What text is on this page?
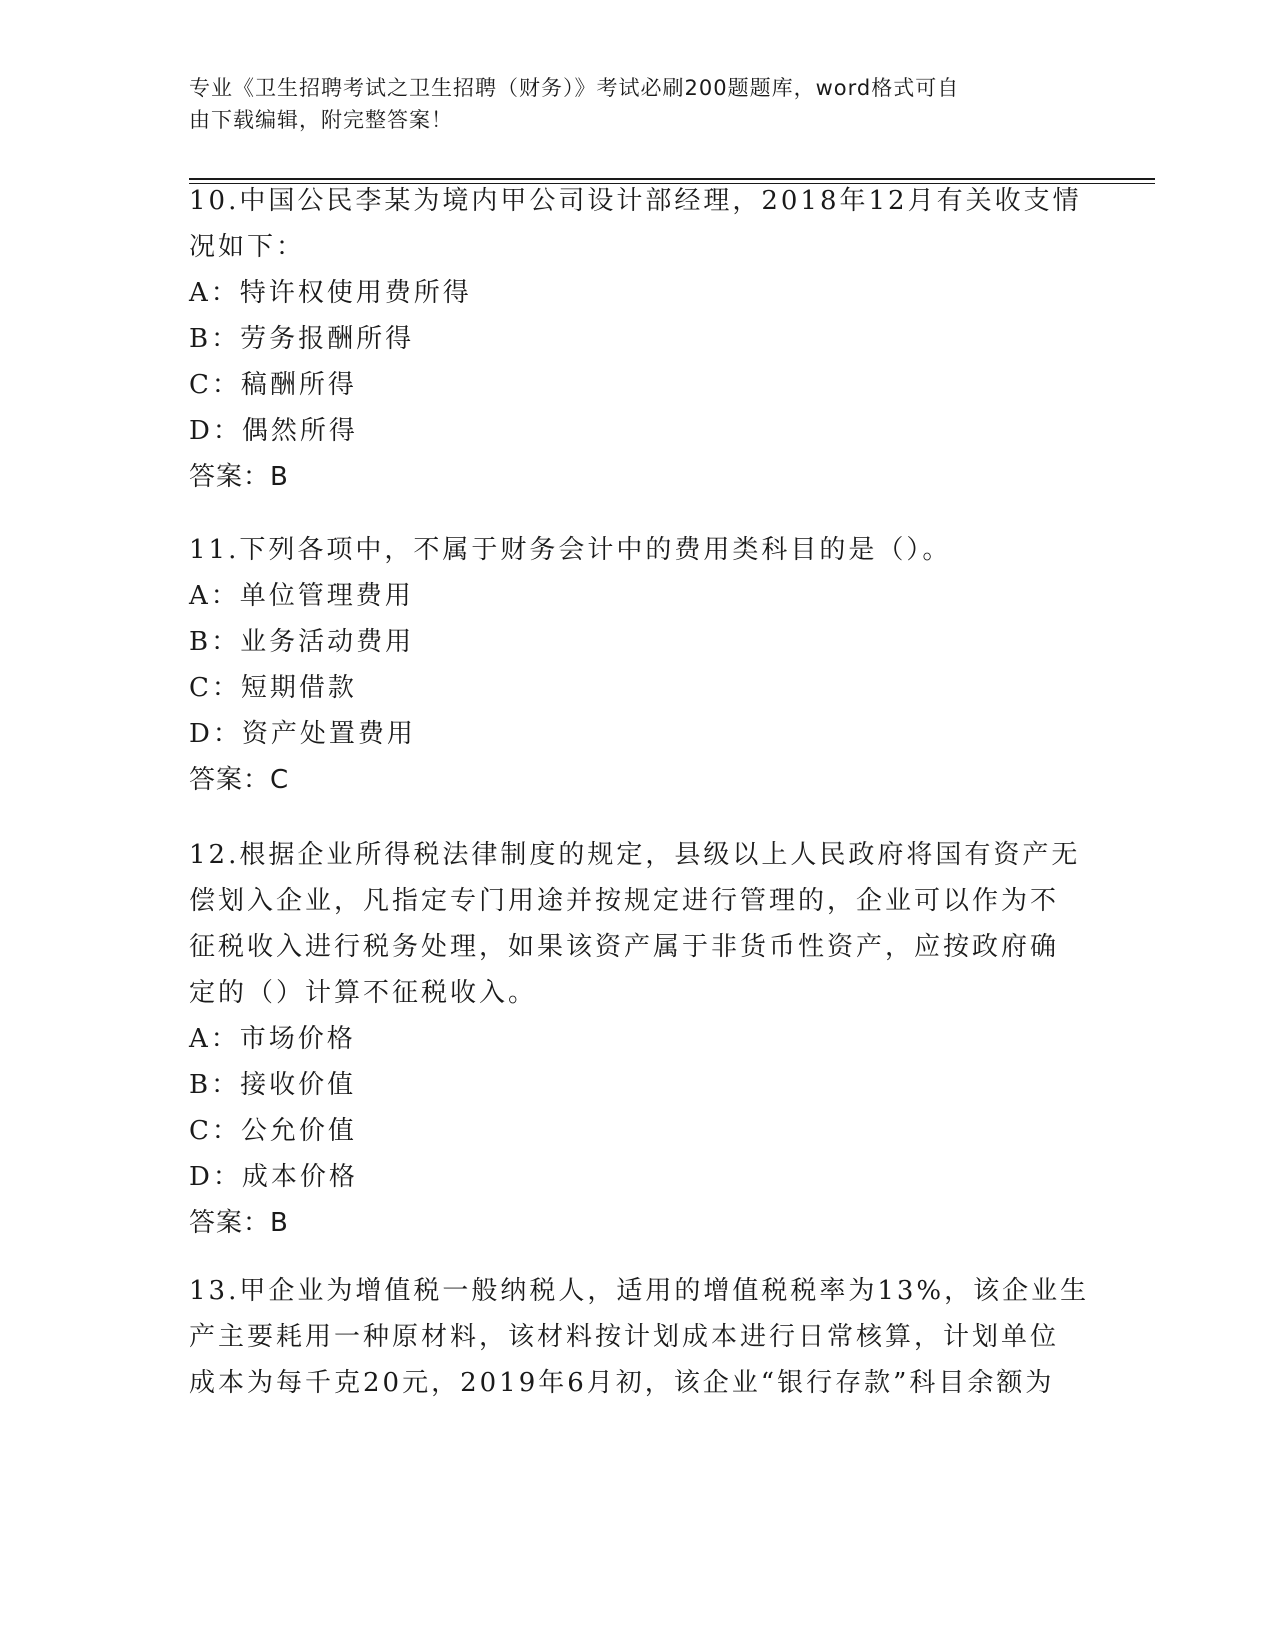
专业《卫生招聘考试之卫生招聘（财务）》考试必刷200题题库，word格式可自
由下载编辑，附完整答案！
10.中国公民李某为境内甲公司设计部经理，2018年12月有关收支情
况如下：
A：特许权使用费所得
B：劳务报酬所得
C：稿酬所得
D：偶然所得
答案：B
11.下列各项中，不属于财务会计中的费用类科目的是（）。
A：单位管理费用
B：业务活动费用
C：短期借款
D：资产处置费用
答案：C
12.根据企业所得税法律制度的规定，县级以上人民政府将国有资产无
偿划入企业，凡指定专门用途并按规定进行管理的，企业可以作为不
征税收入进行税务处理，如果该资产属于非货币性资产，应按政府确
定的（）计算不征税收入。
A：市场价格
B：接收价值
C：公允价值
D：成本价格
答案：B
13.甲企业为增值税一般纳税人，适用的增值税税率为13%，该企业生
产主要耗用一种原材料，该材料按计划成本进行日常核算，计划单位
成本为每千克20元，2019年6月初，该企业“银行存款”科目余额为
